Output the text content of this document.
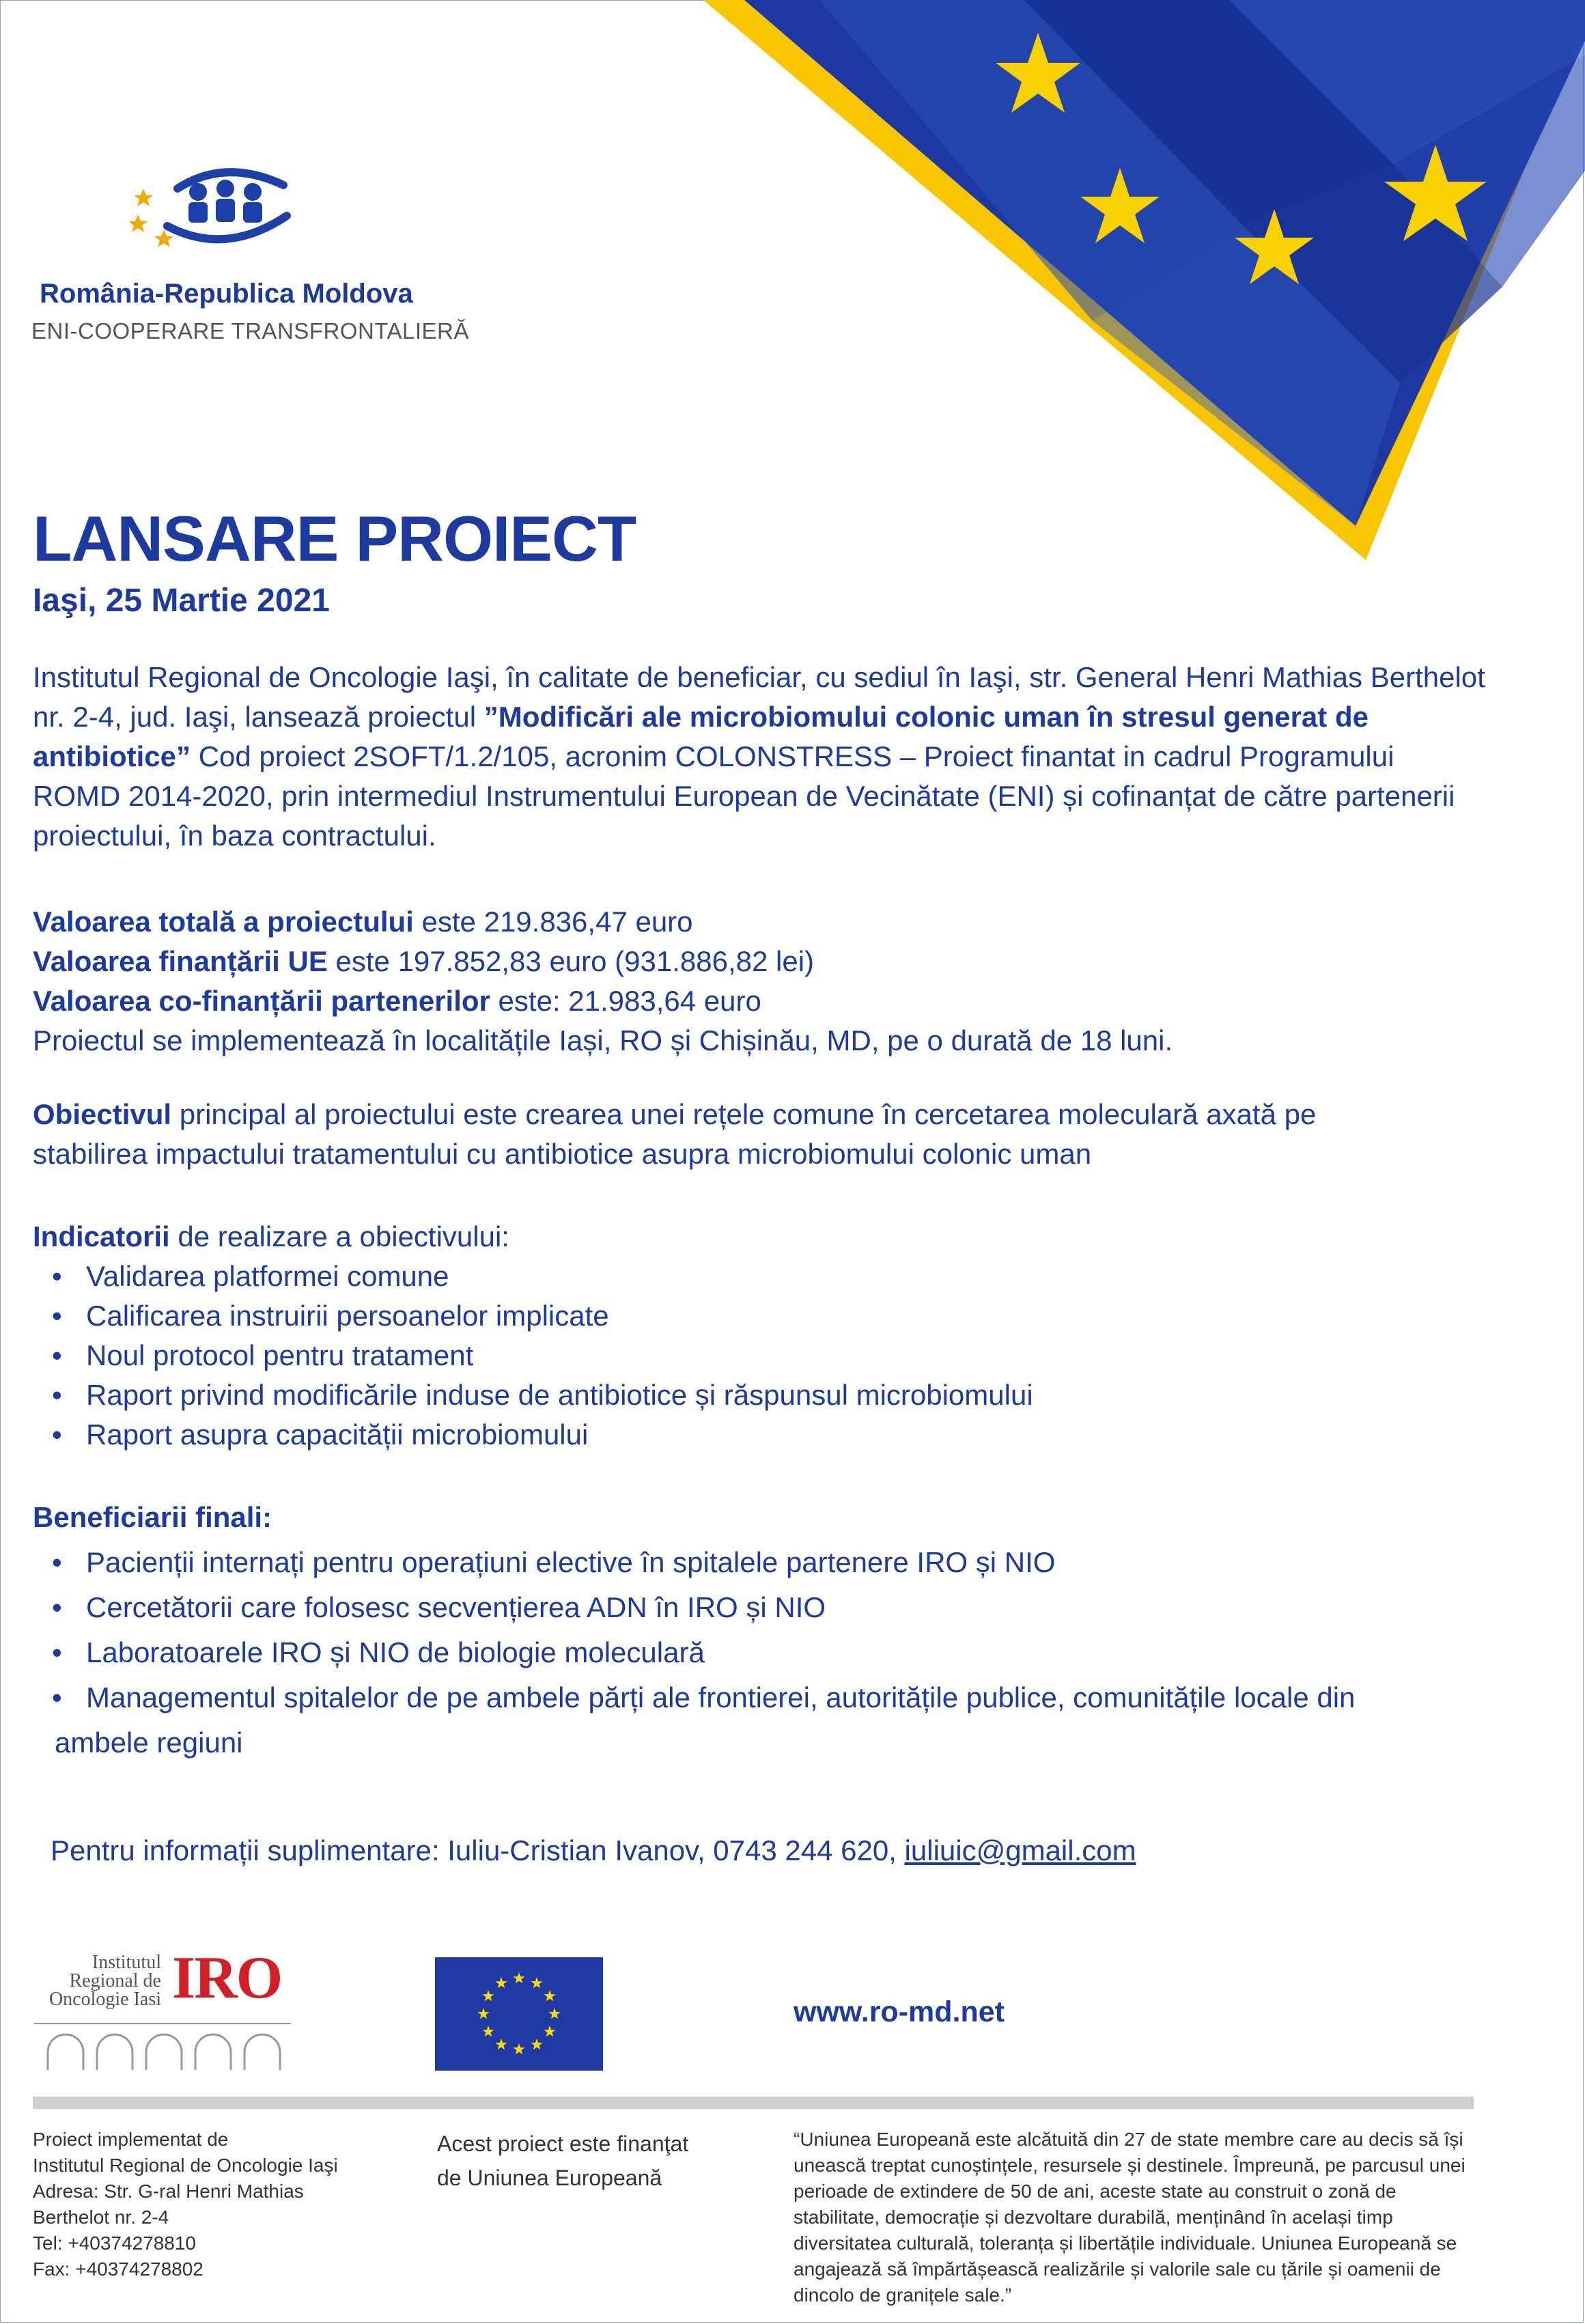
România-Republica Moldova
ENI-COOPERARE TRANSFRONTALIERĂ
LANSARE PROIECT
Iaşi, 25 Martie 2021
Institutul Regional de Oncologie Iaşi, în calitate de beneficiar, cu sediul în Iaşi, str. General Henri Mathias Berthelot nr. 2-4, jud. Iaşi, lansează proiectul ”Modificări ale microbiomului colonic uman în stresul generat de antibiotice” Cod proiect 2SOFT/1.2/105, acronim COLONSTRESS – Proiect finantat in cadrul Programului ROMD 2014-2020, prin intermediul Instrumentului European de Vecinătate (ENI) și cofinanțat de către partenerii proiectului, în baza contractului.
Valoarea totală a proiectului este 219.836,47 euro
Valoarea finanțării UE este 197.852,83 euro (931.886,82 lei)
Valoarea co-finanțării partenerilor este: 21.983,64 euro
Proiectul se implementează în localitățile Iași, RO și Chișinău, MD, pe o durată de 18 luni.
Obiectivul principal al proiectului este crearea unei rețele comune în cercetarea moleculară axată pe stabilirea impactului tratamentului cu antibiotice asupra microbiomului colonic uman
Indicatorii de realizare a obiectivului:
• Validarea platformei comune
• Calificarea instruirii persoanelor implicate
• Noul protocol pentru tratament
• Raport privind modificările induse de antibiotice și răspunsul microbiomului
• Raport asupra capacității microbiomului
Beneficiarii finali:
• Pacienții internați pentru operațiuni elective în spitalele partenere IRO și NIO
• Cercetătorii care folosesc secvențierea ADN în IRO și NIO
• Laboratoarele IRO și NIO de biologie moleculară
• Managementul spitalelor de pe ambele părți ale frontierei, autoritățile publice, comunitățile locale din
ambele regiuni
Pentru informații suplimentare: Iuliu-Cristian Ivanov, 0743 244 620, iuliuic@gmail.com
Institutul
Regional de
Oncologie Iasi IRO
www.ro-md.net
Proiect implementat de
Institutul Regional de Oncologie Iaşi
Adresa: Str. G-ral Henri Mathias
Berthelot nr. 2-4
Tel: +40374278810
Fax: +40374278802
Acest proiect este finanţat
de Uniunea Europeană
“Uniunea Europeană este alcătuită din 27 de state membre care au decis să își
unească treptat cunoștințele, resursele și destinele. Împreună, pe parcusul unei
perioade de extindere de 50 de ani, aceste state au construit o zonă de
stabilitate, democrație și dezvoltare durabilă, menținând în același timp
diversitatea culturală, toleranța și libertățile individuale. Uniunea Europeană se
angajează să împărtășească realizările și valorile sale cu țările și oamenii de
dincolo de granițele sale.”
